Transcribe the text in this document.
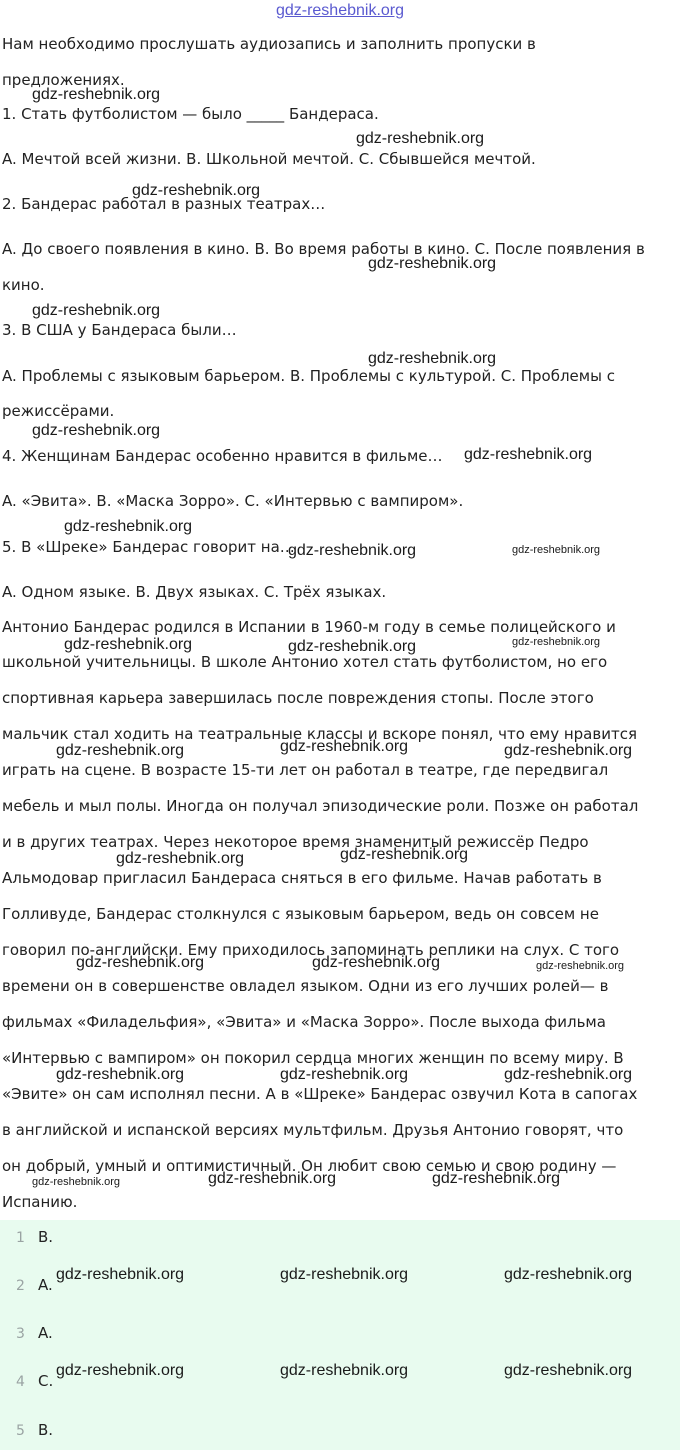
gdz-reshebnik.org

Нам необходимо прослушать аудиозапись и заполнить пропуски в

предложениях.

1. Стать футболистом — было _____ Бандераса.

A. Мечтой всей жизни. B. Школьной мечтой. C. Сбывшейся мечтой.

2. Бандерас работал в разных театрах…

A. До своего появления в кино. B. Во время работы в кино. C. После появления в

кино.

3. В США у Бандераса были…

A. Проблемы с языковым барьером. B. Проблемы с культурой. C. Проблемы с

режиссёрами.

4. Женщинам Бандерас особенно нравится в фильме…

A. «Эвита». B. «Маска Зорро». C. «Интервью с вампиром».

5. В «Шреке» Бандерас говорит на…

A. Одном языке. B. Двух языках. C. Трёх языках.

Антонио Бандерас родился в Испании в 1960-м году в семье полицейского и

школьной учительницы. В школе Антонио хотел стать футболистом, но его

спортивная карьера завершилась после повреждения стопы. После этого

мальчик стал ходить на театральные классы и вскоре понял, что ему нравится

играть на сцене. В возрасте 15-ти лет он работал в театре, где передвигал

мебель и мыл полы. Иногда он получал эпизодические роли. Позже он работал

и в других театрах. Через некоторое время знаменитый режиссёр Педро

Альмодовар пригласил Бандераса сняться в его фильме. Начав работать в

Голливуде, Бандерас столкнулся с языковым барьером, ведь он совсем не

говорил по-английски. Ему приходилось запоминать реплики на слух. С того

времени он в совершенстве овладел языком. Одни из его лучших ролей— в

фильмах «Филадельфия», «Эвита» и «Маска Зорро». После выхода фильма

«Интервью с вампиром» он покорил сердца многих женщин по всему миру. В

«Эвите» он сам исполнял песни. А в «Шреке» Бандерас озвучил Кота в сапогах

в английской и испанской версиях мультфильм. Друзья Антонио говорят, что

он добрый, умный и оптимистичный. Он любит свою семью и свою родину —

Испанию.

1 B.
2 A.
3 A.
4 C.
5 B.
gdz-reshebnik.org
gdz-reshebnik.org
gdz-reshebnik.org
gdz-reshebnik.org
gdz-reshebnik.org
gdz-reshebnik.org
gdz-reshebnik.org
gdz-reshebnik.org
gdz-reshebnik.org
gdz-reshebnik.org	gdz-reshebnik.org
gdz-reshebnik.org	gdz-reshebnik.org	gdz-reshebnik.org
gdz-reshebnik.org	gdz-reshebnik.org	gdz-reshebnik.org
gdz-reshebnik.org	gdz-reshebnik.org
gdz-reshebnik.org	gdz-reshebnik.org	gdz-reshebnik.org
gdz-reshebnik.org	gdz-reshebnik.org	gdz-reshebnik.org
gdz-reshebnik.org	gdz-reshebnik.org	gdz-reshebnik.org
gdz-reshebnik.org	gdz-reshebnik.org	gdz-reshebnik.org
gdz-reshebnik.org	gdz-reshebnik.org	gdz-reshebnik.org
